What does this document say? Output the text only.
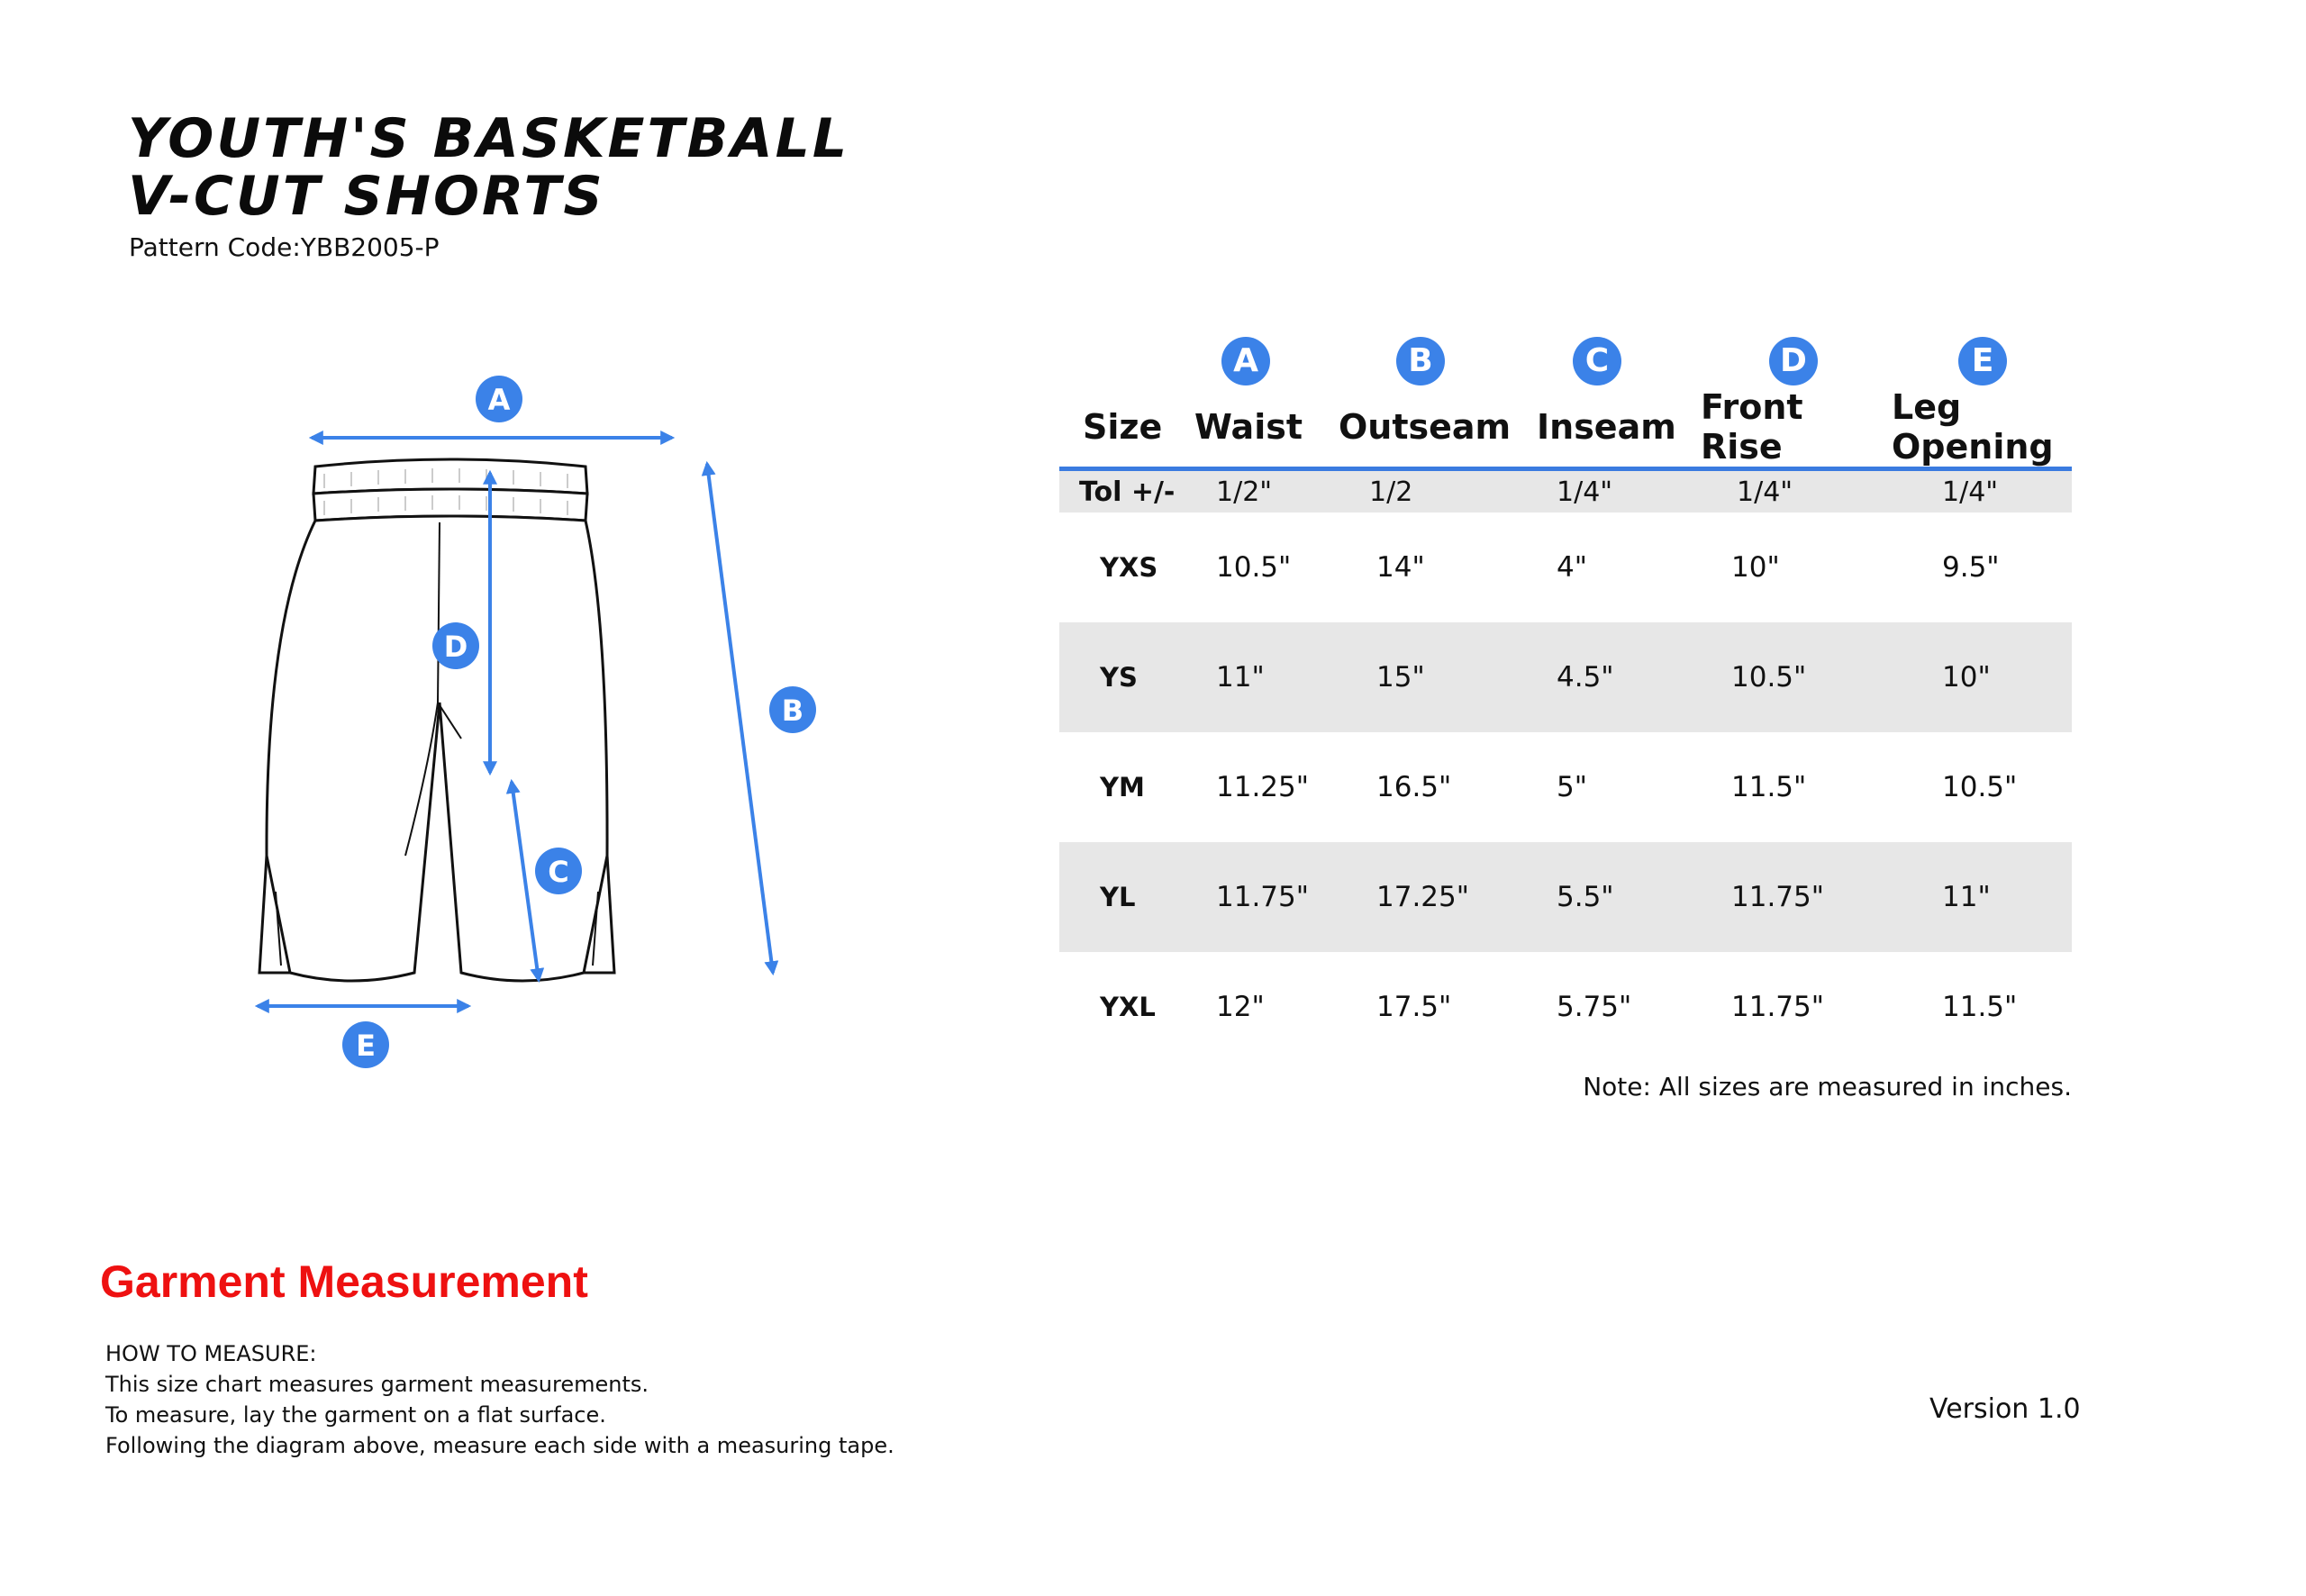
YOUTH'S BASKETBALL
V-CUT SHORTS
Pattern Code:YBB2005-P
A
B
D
C
E
	A	B	C	D	E
Size	Waist	Outseam	Inseam	Front Rise	Leg Opening
Tol +/-	1/2"	1/2	1/4"	1/4"	1/4"
YXS	10.5"	14"	4"	10"	9.5"
YS	11"	15"	4.5"	10.5"	10"
YM	11.25"	16.5"	5"	11.5"	10.5"
YL	11.75"	17.25"	5.5"	11.75"	11"
YXL	12"	17.5"	5.75"	11.75"	11.5"
Note: All sizes are measured in inches.
Garment Measurement
HOW TO MEASURE:
This size chart measures garment measurements.
To measure, lay the garment on a flat surface.
Following the diagram above, measure each side with a measuring tape.
Version 1.0
